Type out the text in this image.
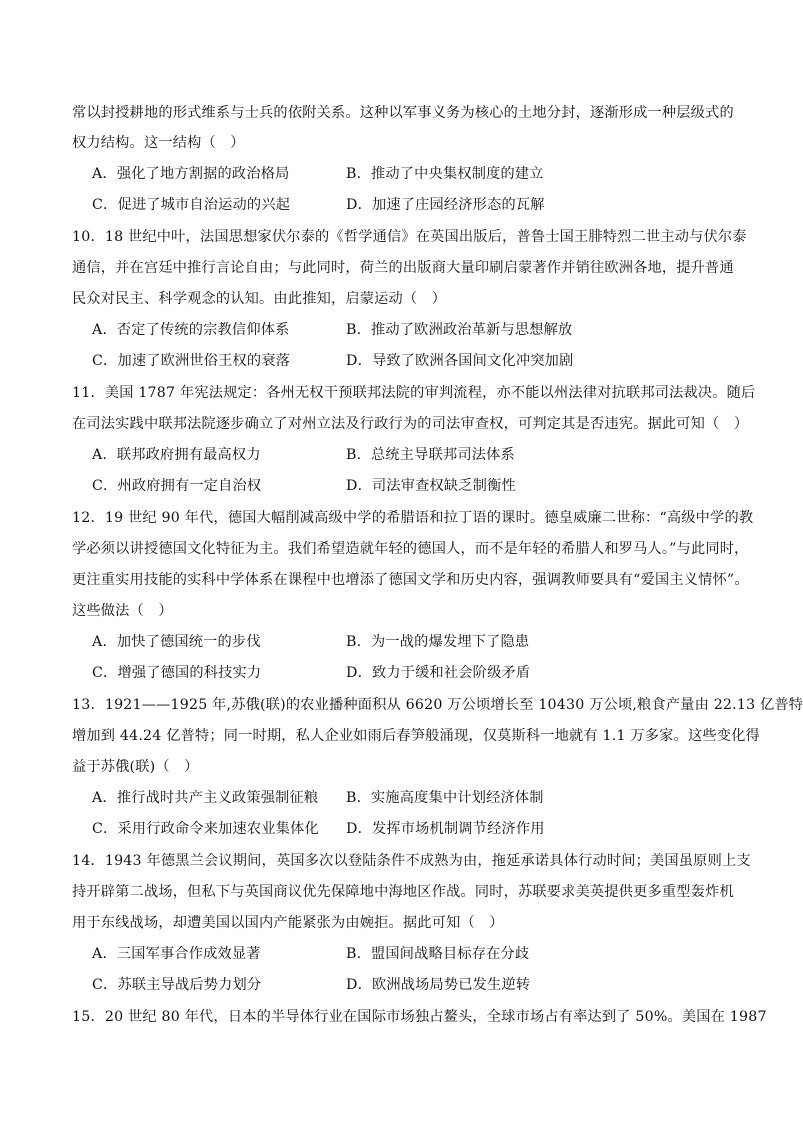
常以封授耕地的形式维系与士兵的依附关系。这种以军事义务为核心的土地分封，逐渐形成一种层级式的
权力结构。这一结构（　）
A．强化了地方割据的政治格局	B．推动了中央集权制度的建立
C．促进了城市自治运动的兴起	D．加速了庄园经济形态的瓦解
10．18 世纪中叶，法国思想家伏尔泰的《哲学通信》在英国出版后，普鲁士国王腓特烈二世主动与伏尔泰
通信，并在宫廷中推行言论自由；与此同时，荷兰的出版商大量印刷启蒙著作并销往欧洲各地，提升普通
民众对民主、科学观念的认知。由此推知，启蒙运动（　）
A．否定了传统的宗教信仰体系	B．推动了欧洲政治革新与思想解放
C．加速了欧洲世俗王权的衰落	D．导致了欧洲各国间文化冲突加剧
11．美国 1787 年宪法规定：各州无权干预联邦法院的审判流程，亦不能以州法律对抗联邦司法裁决。随后
在司法实践中联邦法院逐步确立了对州立法及行政行为的司法审查权，可判定其是否违宪。据此可知（　）
A．联邦政府拥有最高权力	B．总统主导联邦司法体系
C．州政府拥有一定自治权	D．司法审查权缺乏制衡性
12．19 世纪 90 年代，德国大幅削减高级中学的希腊语和拉丁语的课时。德皇威廉二世称：“高级中学的教
学必须以讲授德国文化特征为主。我们希望造就年轻的德国人，而不是年轻的希腊人和罗马人。”与此同时，
更注重实用技能的实科中学体系在课程中也增添了德国文学和历史内容，强调教师要具有“爱国主义情怀”。
这些做法（　）
A．加快了德国统一的步伐	B．为一战的爆发埋下了隐患
C．增强了德国的科技实力	D．致力于缓和社会阶级矛盾
13．1921——1925 年,苏俄(联)的农业播种面积从 6620 万公顷增长至 10430 万公顷,粮食产量由 22.13 亿普特
增加到 44.24 亿普特；同一时期，私人企业如雨后春笋般涌现，仅莫斯科一地就有 1.1 万多家。这些变化得
益于苏俄(联)（　）
A．推行战时共产主义政策强制征粮	B．实施高度集中计划经济体制
C．采用行政命令来加速农业集体化	D．发挥市场机制调节经济作用
14．1943 年德黑兰会议期间，英国多次以登陆条件不成熟为由，拖延承诺具体行动时间；美国虽原则上支
持开辟第二战场，但私下与英国商议优先保障地中海地区作战。同时，苏联要求美英提供更多重型轰炸机
用于东线战场，却遭美国以国内产能紧张为由婉拒。据此可知（　）
A．三国军事合作成效显著	B．盟国间战略目标存在分歧
C．苏联主导战后势力划分	D．欧洲战场局势已发生逆转
15．20 世纪 80 年代，日本的半导体行业在国际市场独占鳌头，全球市场占有率达到了 50%。美国在 1987
